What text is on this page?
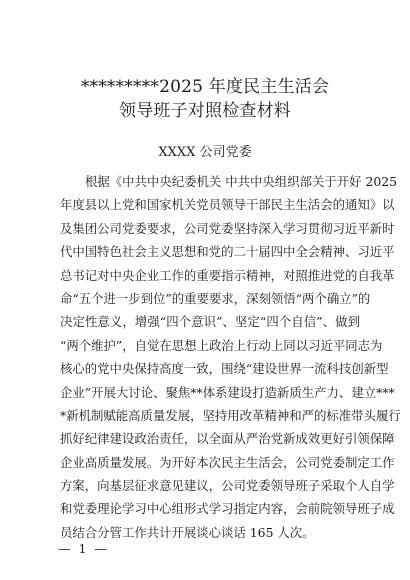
*********2025 年度民主生活会
领导班子对照检查材料
XXXX 公司党委
根据《中共中央纪委机关 中共中央组织部关于开好 2025
年度县以上党和国家机关党员领导干部民主生活会的通知》以
及集团公司党委要求，公司党委坚持深入学习贯彻习近平新时
代中国特色社会主义思想和党的二十届四中全会精神、习近平
总书记对中央企业工作的重要指示精神，对照推进党的自我革
命“五个进一步到位”的重要要求，深刻领悟“两个确立”的
决定性意义，增强“四个意识”、坚定“四个自信”、做到
“两个维护”，自觉在思想上政治上行动上同以习近平同志为
核心的党中央保持高度一致，围绕“建设世界一流科技创新型
企业”开展大讨论、聚焦**体系建设打造新质生产力、建立***
*新机制赋能高质量发展，坚持用改革精神和严的标准带头履行
抓好纪律建设政治责任，以全面从严治党新成效更好引领保障
企业高质量发展。为开好本次民主生活会，公司党委制定工作
方案，向基层征求意见建议，公司党委领导班子采取个人自学
和党委理论学习中心组形式学习指定内容，会前院领导班子成
员结合分管工作共计开展谈心谈话 165 人次。
— 1 —
